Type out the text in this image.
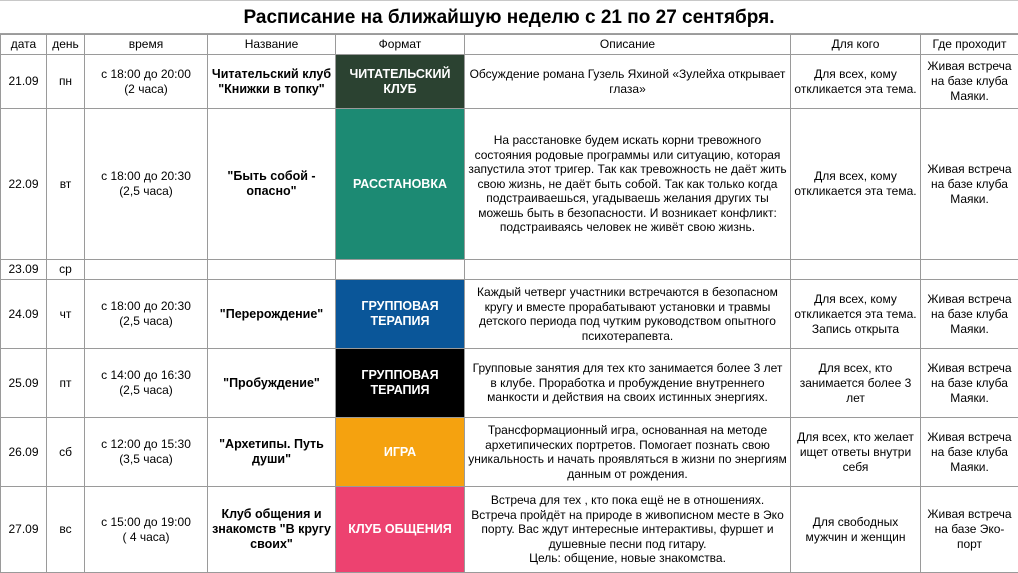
Расписание на ближайшую неделю с 21 по 27 сентября.
дата	день	время	Название	Формат	Описание	Для кого	Где проходит
21.09	пн	с 18:00 до 20:00
(2 часа)	Читательский клуб "Книжки в топку"	ЧИТАТЕЛЬСКИЙ КЛУБ	Обсуждение романа Гузель Яхиной «Зулейха открывает глаза»	Для всех, кому откликается эта тема.	Живая встреча на базе клуба Маяки.
22.09	вт	с 18:00 до 20:30
(2,5 часа)	"Быть собой - опасно"	РАССТАНОВКА	На расстановке будем искать корни тревожного состояния родовые программы или ситуацию, которая запустила этот тригер. Так как тревожность не даёт жить свою жизнь, не даёт быть собой. Так как только когда подстраиваешься, угадываешь желания других ты можешь быть в безопасности. И возникает конфликт: подстраиваясь человек не живёт свою жизнь.	Для всех, кому откликается эта тема.	Живая встреча на базе клуба Маяки.
23.09	ср						
24.09	чт	с 18:00 до 20:30
(2,5 часа)	"Перерождение"	ГРУППОВАЯ ТЕРАПИЯ	Каждый четверг участники встречаются в безопасном кругу и вместе прорабатывают установки и травмы детского периода под чутким руководством опытного психотерапевта.	Для всех, кому откликается эта тема. Запись открыта	Живая встреча на базе клуба Маяки.
25.09	пт	с 14:00 до 16:30
(2,5 часа)	"Пробуждение"	ГРУППОВАЯ ТЕРАПИЯ	Групповые занятия для тех кто занимается более 3 лет в клубе. Проработка и пробуждение внутреннего манкости и действия на своих истинных энергиях.	Для всех, кто занимается более 3 лет	Живая встреча на базе клуба Маяки.
26.09	сб	с 12:00 до 15:30
(3,5 часа)	"Архетипы. Путь души"	ИГРА	Трансформационный игра, основанная на методе архетипических портретов. Помогает познать свою уникальность и начать проявляться в жизни по энергиям данным от рождения.	Для всех, кто желает ищет ответы внутри себя	Живая встреча на базе клуба Маяки.
27.09	вс	с 15:00 до 19:00
( 4 часа)	Клуб общения и знакомств "В кругу своих"	КЛУБ ОБЩЕНИЯ	Встреча для тех , кто пока ещё не в отношениях. Встреча пройдёт на природе в живописном месте в Эко порту. Вас ждут интересные интерактивы, фуршет и душевные песни под гитару.
Цель: общение, новые знакомства.	Для свободных мужчин и женщин	Живая встреча на базе Эко-порт
